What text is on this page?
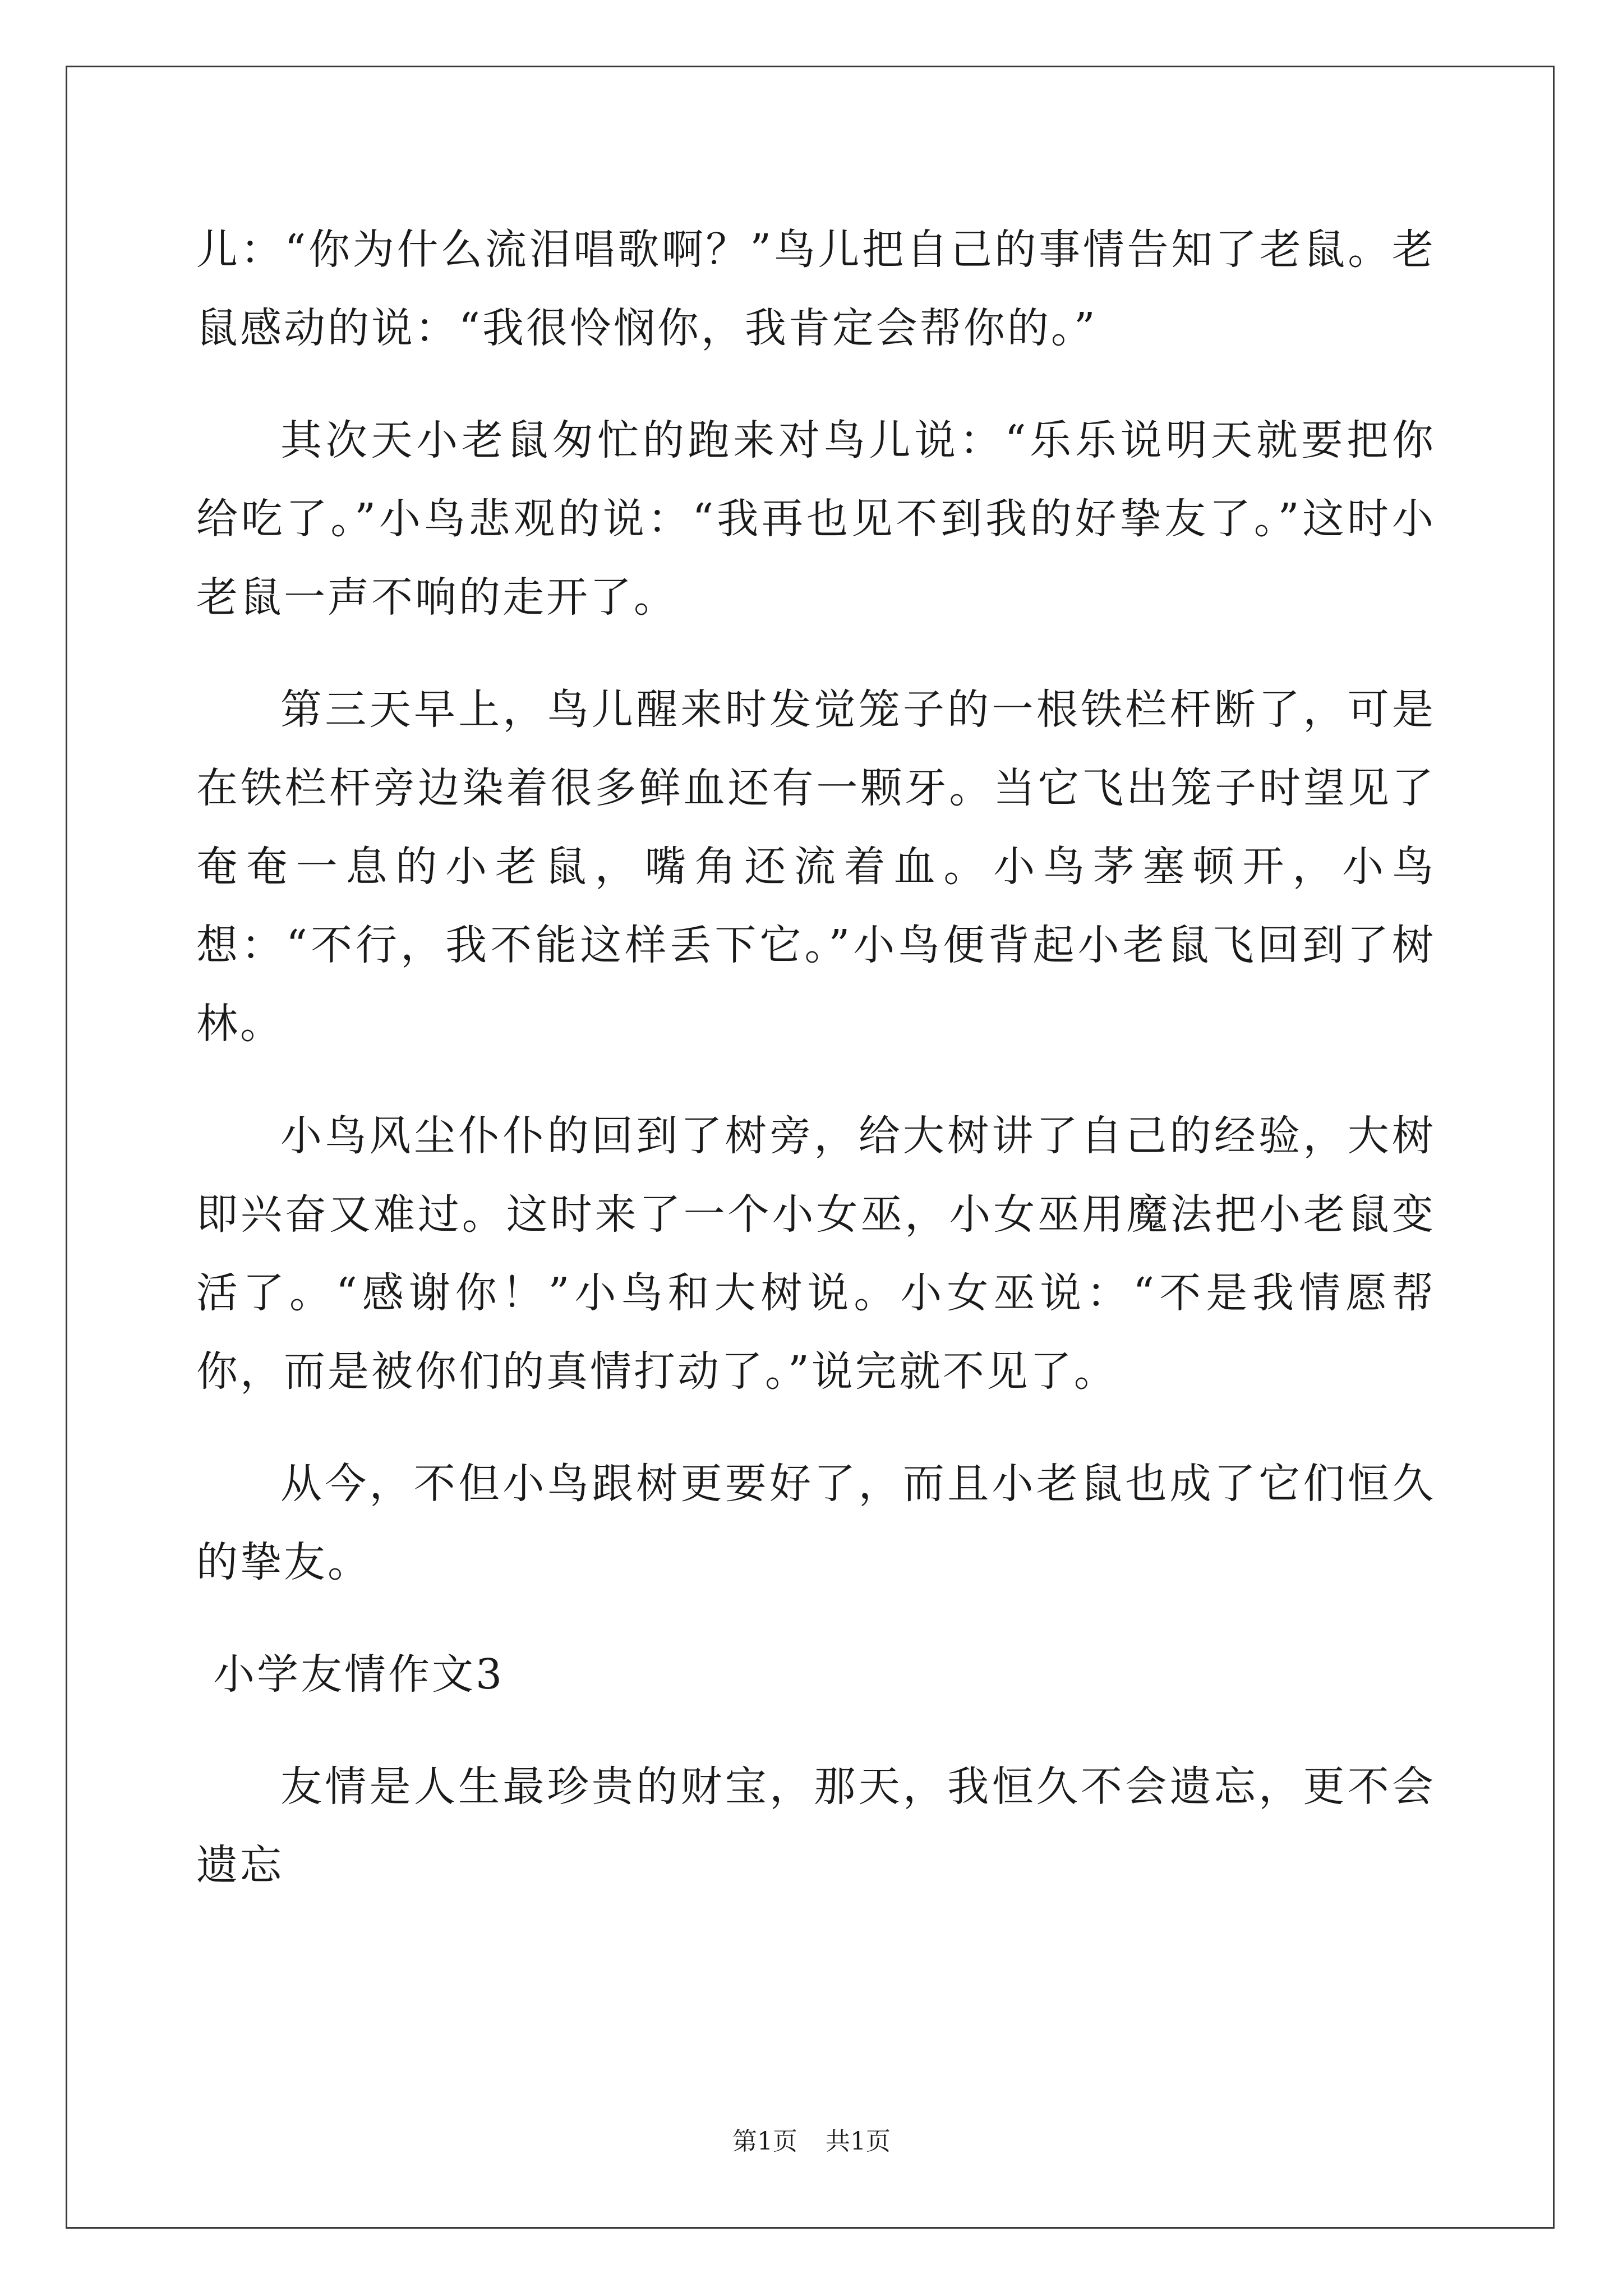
儿：“你为什么流泪唱歌啊？”鸟儿把自己的事情告知了老鼠。老鼠感动的说：“我很怜悯你，我肯定会帮你的。”

其次天小老鼠匆忙的跑来对鸟儿说：“乐乐说明天就要把你给吃了。”小鸟悲观的说：“我再也见不到我的好挚友了。”这时小老鼠一声不响的走开了。

第三天早上，鸟儿醒来时发觉笼子的一根铁栏杆断了，可是在铁栏杆旁边染着很多鲜血还有一颗牙。当它飞出笼子时望见了奄奄一息的小老鼠，嘴角还流着血。小鸟茅塞顿开，小鸟想：“不行，我不能这样丢下它。”小鸟便背起小老鼠飞回到了树林。

小鸟风尘仆仆的回到了树旁，给大树讲了自己的经验，大树即兴奋又难过。这时来了一个小女巫，小女巫用魔法把小老鼠变活了。“感谢你！”小鸟和大树说。小女巫说：“不是我情愿帮你，而是被你们的真情打动了。”说完就不见了。

从今，不但小鸟跟树更要好了，而且小老鼠也成了它们恒久的挚友。

小学友情作文3

友情是人生最珍贵的财宝，那天，我恒久不会遗忘，更不会遗忘

第1页 共1页
